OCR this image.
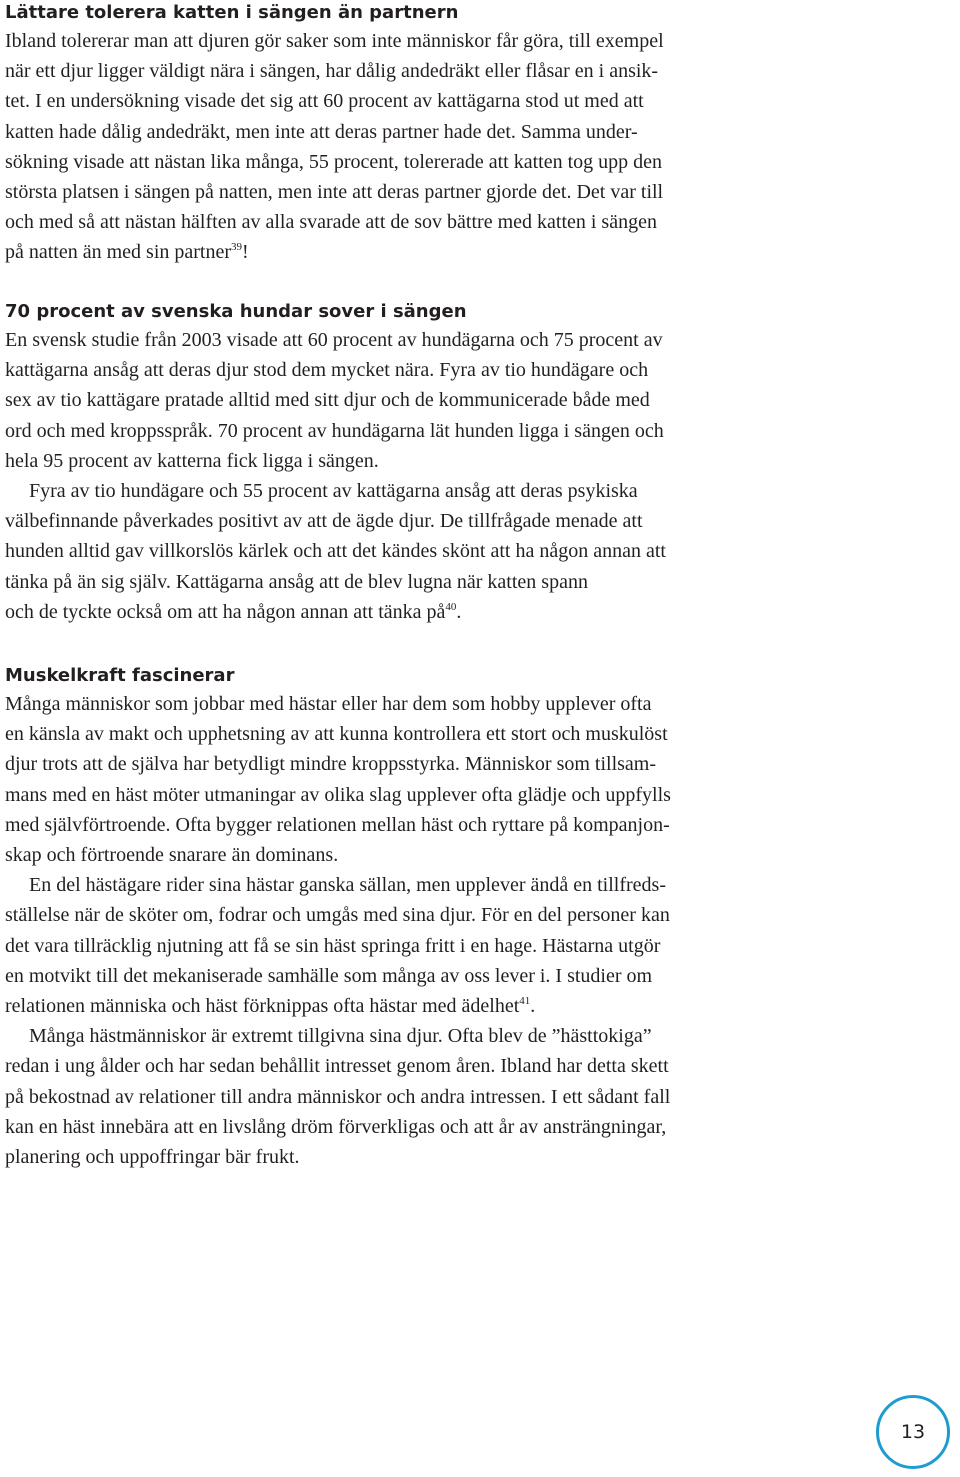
Lättare tolerera katten i sängen än partnern

Ibland tolererar man att djuren gör saker som inte människor får göra, till exempel
när ett djur ligger väldigt nära i sängen, har dålig andedräkt eller flåsar en i ansik-
tet. I en undersökning visade det sig att 60 procent av kattägarna stod ut med att
katten hade dålig andedräkt, men inte att deras partner hade det. Samma under-
sökning visade att nästan lika många, 55 procent, tolererade att katten tog upp den
största platsen i sängen på natten, men inte att deras partner gjorde det. Det var till
och med så att nästan hälften av alla svarade att de sov bättre med katten i sängen
på natten än med sin partner$^{39}$!

70 procent av svenska hundar sover i sängen

En svensk studie från 2003 visade att 60 procent av hundägarna och 75 procent av
kattägarna ansåg att deras djur stod dem mycket nära. Fyra av tio hundägare och
sex av tio kattägare pratade alltid med sitt djur och de kommunicerade både med
ord och med kroppsspråk. 70 procent av hundägarna lät hunden ligga i sängen och
hela 95 procent av katterna fick ligga i sängen.

Fyra av tio hundägare och 55 procent av kattägarna ansåg att deras psykiska
välbefinnande påverkades positivt av att de ägde djur. De tillfrågade menade att
hunden alltid gav villkorslös kärlek och att det kändes skönt att ha någon annan att
tänka på än sig själv. Kattägarna ansåg att de blev lugna när katten spann
och de tyckte också om att ha någon annan att tänka $på^{40}$.

Muskelkraft fascinerar

Många människor som jobbar med hästar eller har dem som hobby upplever ofta
en känsla av makt och upphetsning av att kunna kontrollera ett stort och muskulöst
djur trots att de själva har betydligt mindre kroppsstyrka. Människor som tillsam-
mans med en häst möter utmaningar av olika slag upplever ofta glädje och uppfylls
med självförtroende. Ofta bygger relationen mellan häst och ryttare på kompanjon-
skap och förtroende snarare än dominans.

En del hästägare rider sina hästar ganska sällan, men upplever ändå en tillfreds-
ställelse när de sköter om, fodrar och umgås med sina djur. För en del personer kan
det vara tillräcklig njutning att få se sin häst springa fritt i en hage. Hästarna utgör
en motvikt till det mekaniserade samhälle som många av oss lever i. I studier om
relationen människa och häst förknippas ofta hästar med ädelhet$^{41}$.

Många hästmänniskor är extremt tillgivna sina djur. Ofta blev de ”hästtokiga”
redan i ung ålder och har sedan behållit intresset genom åren. Ibland har detta skett
på bekostnad av relationer till andra människor och andra intressen. I ett sådant fall
kan en häst innebära att en livslång dröm förverkligas och att år av ansträngningar,
planering och uppoffringar bär frukt.

13
